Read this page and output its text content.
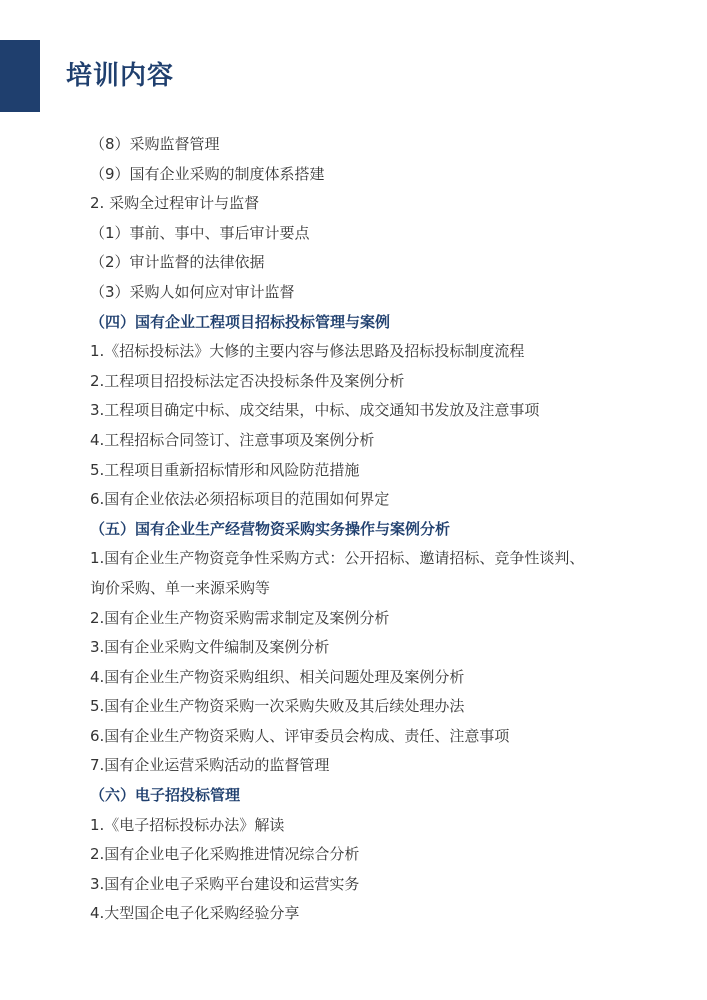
培训内容
（8）采购监督管理
（9）国有企业采购的制度体系搭建
2. 采购全过程审计与监督
（1）事前、事中、事后审计要点
（2）审计监督的法律依据
（3）采购人如何应对审计监督
（四）国有企业工程项目招标投标管理与案例
1.《招标投标法》大修的主要内容与修法思路及招标投标制度流程
2.工程项目招投标法定否决投标条件及案例分析
3.工程项目确定中标、成交结果，中标、成交通知书发放及注意事项
4.工程招标合同签订、注意事项及案例分析
5.工程项目重新招标情形和风险防范措施
6.国有企业依法必须招标项目的范围如何界定
（五）国有企业生产经营物资采购实务操作与案例分析
1.国有企业生产物资竞争性采购方式：公开招标、邀请招标、竞争性谈判、
询价采购、单一来源采购等
2.国有企业生产物资采购需求制定及案例分析
3.国有企业采购文件编制及案例分析
4.国有企业生产物资采购组织、相关问题处理及案例分析
5.国有企业生产物资采购一次采购失败及其后续处理办法
6.国有企业生产物资采购人、评审委员会构成、责任、注意事项
7.国有企业运营采购活动的监督管理
（六）电子招投标管理
1.《电子招标投标办法》解读
2.国有企业电子化采购推进情况综合分析
3.国有企业电子采购平台建设和运营实务
4.大型国企电子化采购经验分享
